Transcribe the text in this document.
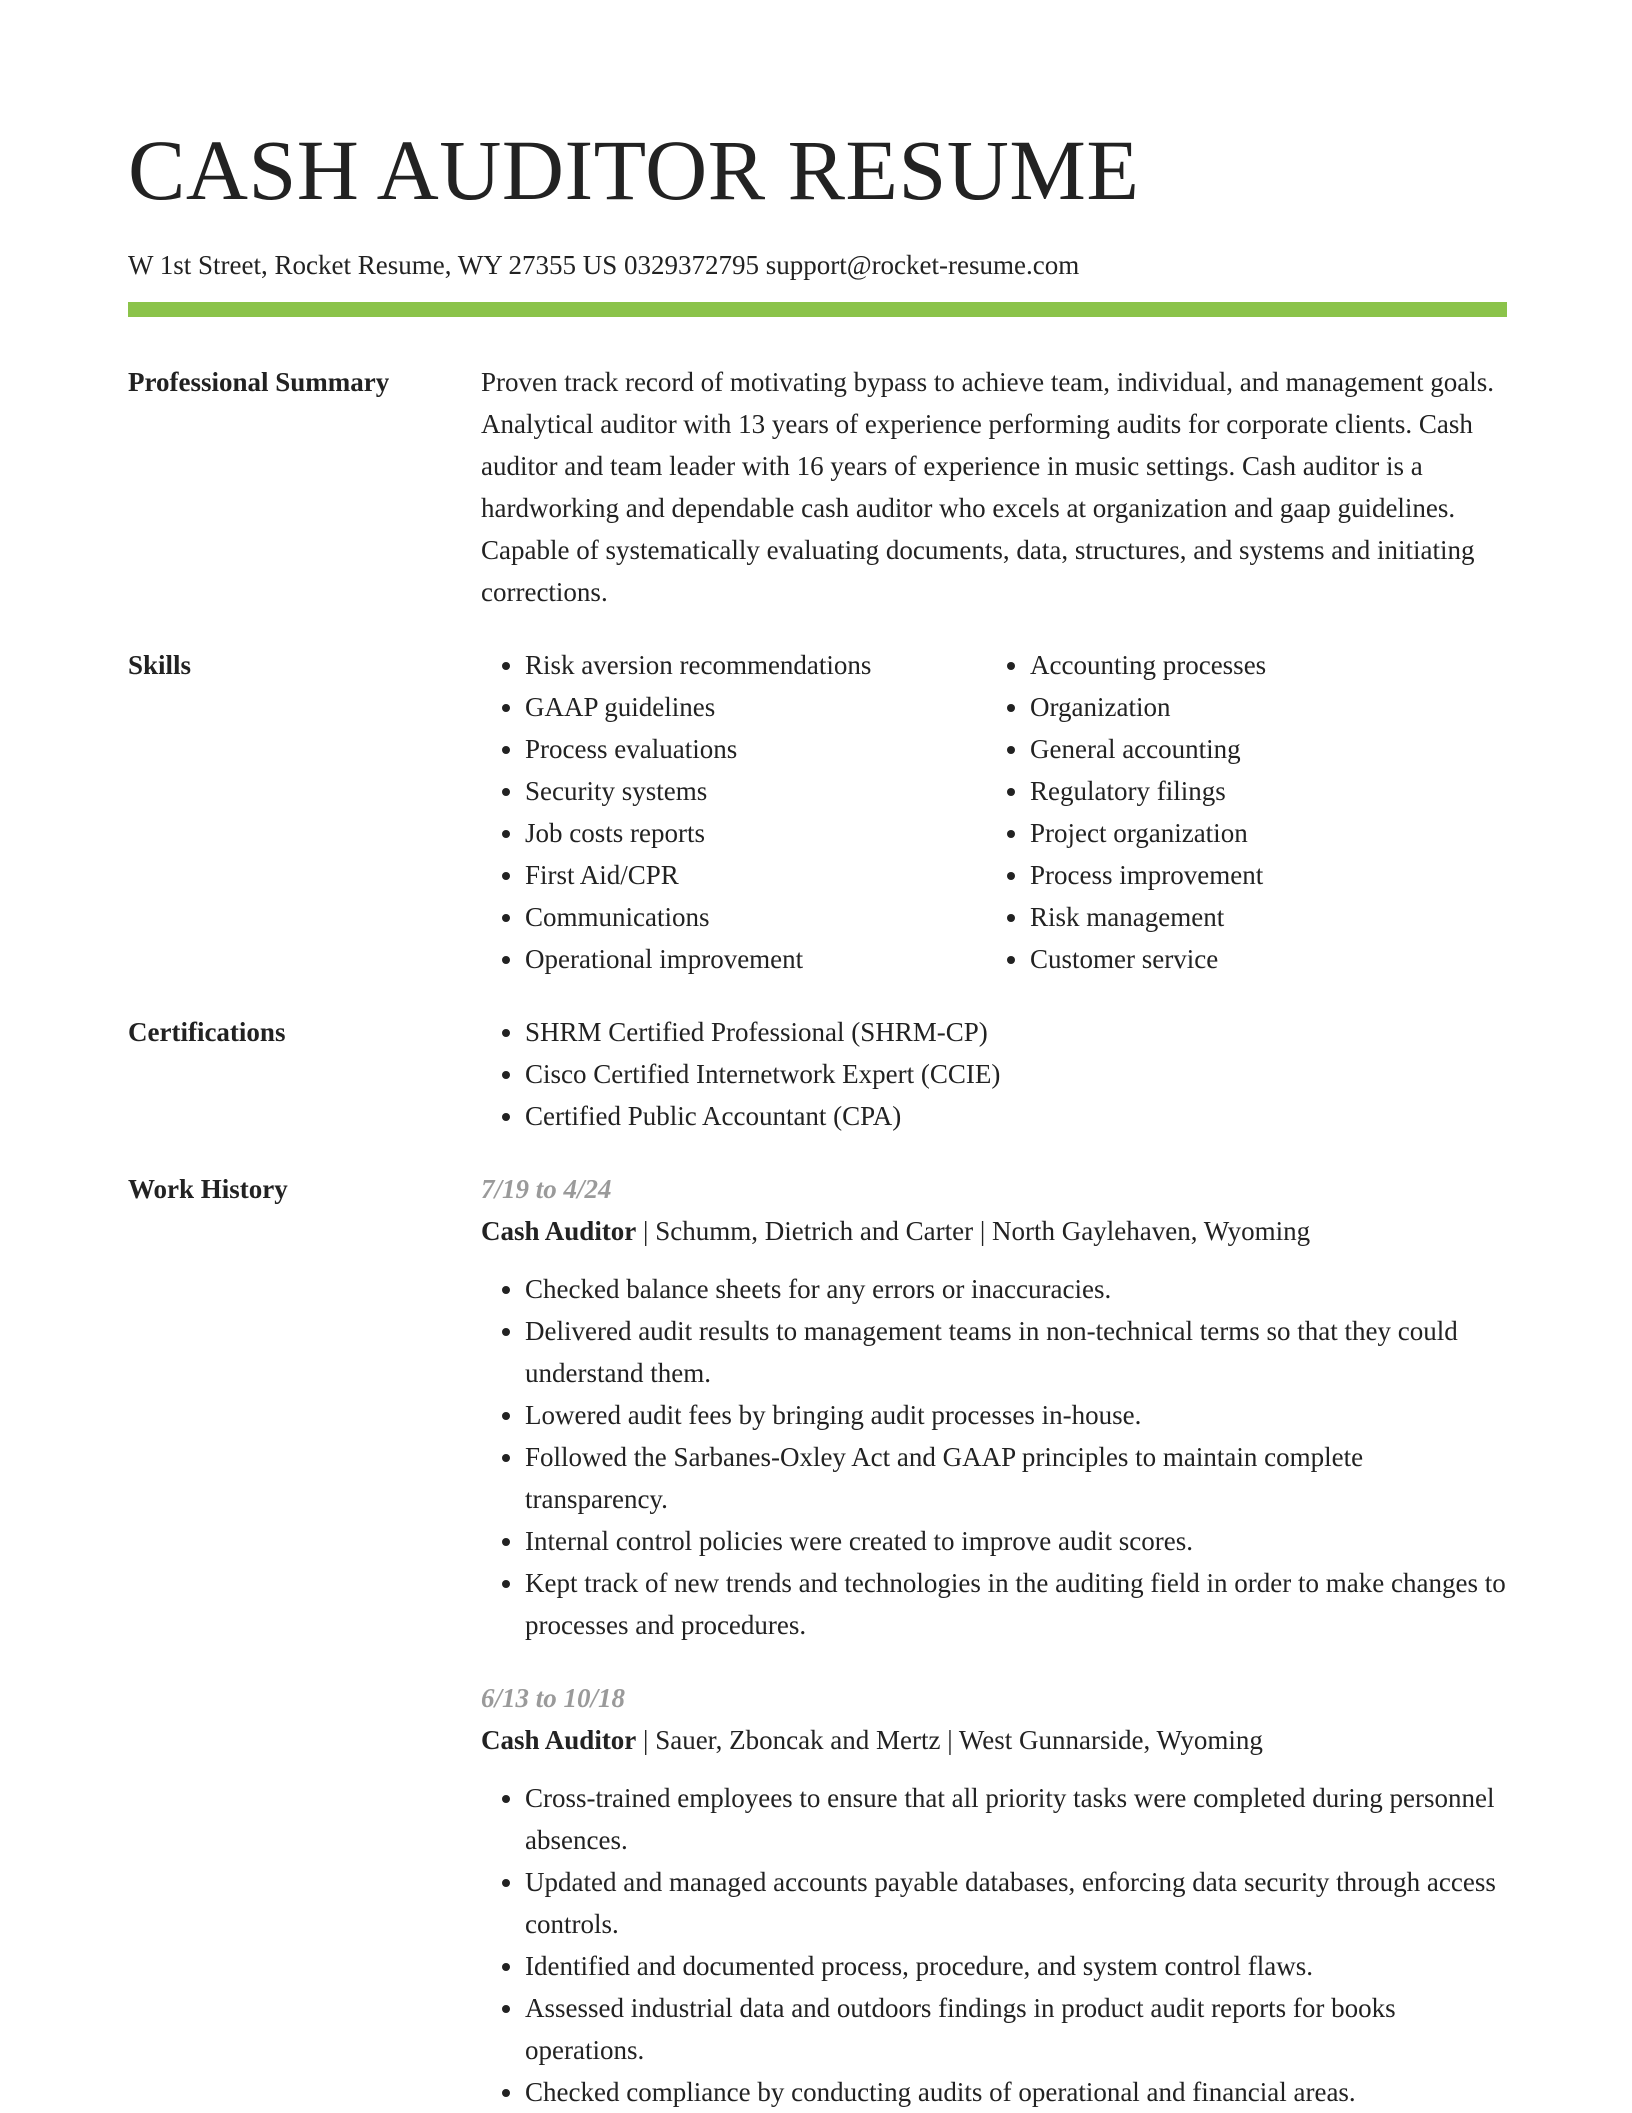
CASH AUDITOR RESUME
W 1st Street, Rocket Resume, WY 27355 US 0329372795 support@rocket-resume.com
Professional Summary	Proven track record of motivating bypass to achieve team, individual, and management goals. Analytical auditor with 13 years of experience performing audits for corporate clients. Cash auditor and team leader with 16 years of experience in music settings. Cash auditor is a hardworking and dependable cash auditor who excels at organization and gaap guidelines. Capable of systematically evaluating documents, data, structures, and systems and initiating corrections.

Skills	• Risk aversion recommendations
• GAAP guidelines
• Process evaluations
• Security systems
• Job costs reports
• First Aid/CPR
• Communications
• Operational improvement
• Accounting processes
• Organization
• General accounting
• Regulatory filings
• Project organization
• Process improvement
• Risk management
• Customer service
Certifications	• SHRM Certified Professional (SHRM-CP)
• Cisco Certified Internetwork Expert (CCIE)
• Certified Public Accountant (CPA)
Work History	7/19 to 4/24
Cash Auditor | Schumm, Dietrich and Carter | North Gaylehaven, Wyoming
• Checked balance sheets for any errors or inaccuracies.
• Delivered audit results to management teams in non-technical terms so that they could understand them.
• Lowered audit fees by bringing audit processes in-house.
• Followed the Sarbanes-Oxley Act and GAAP principles to maintain complete transparency.
• Internal control policies were created to improve audit scores.
• Kept track of new trends and technologies in the auditing field in order to make changes to processes and procedures.
6/13 to 10/18
Cash Auditor | Sauer, Zboncak and Mertz | West Gunnarside, Wyoming
• Cross-trained employees to ensure that all priority tasks were completed during personnel absences.
• Updated and managed accounts payable databases, enforcing data security through access controls.
• Identified and documented process, procedure, and system control flaws.
• Assessed industrial data and outdoors findings in product audit reports for books operations.
• Checked compliance by conducting audits of operational and financial areas.
